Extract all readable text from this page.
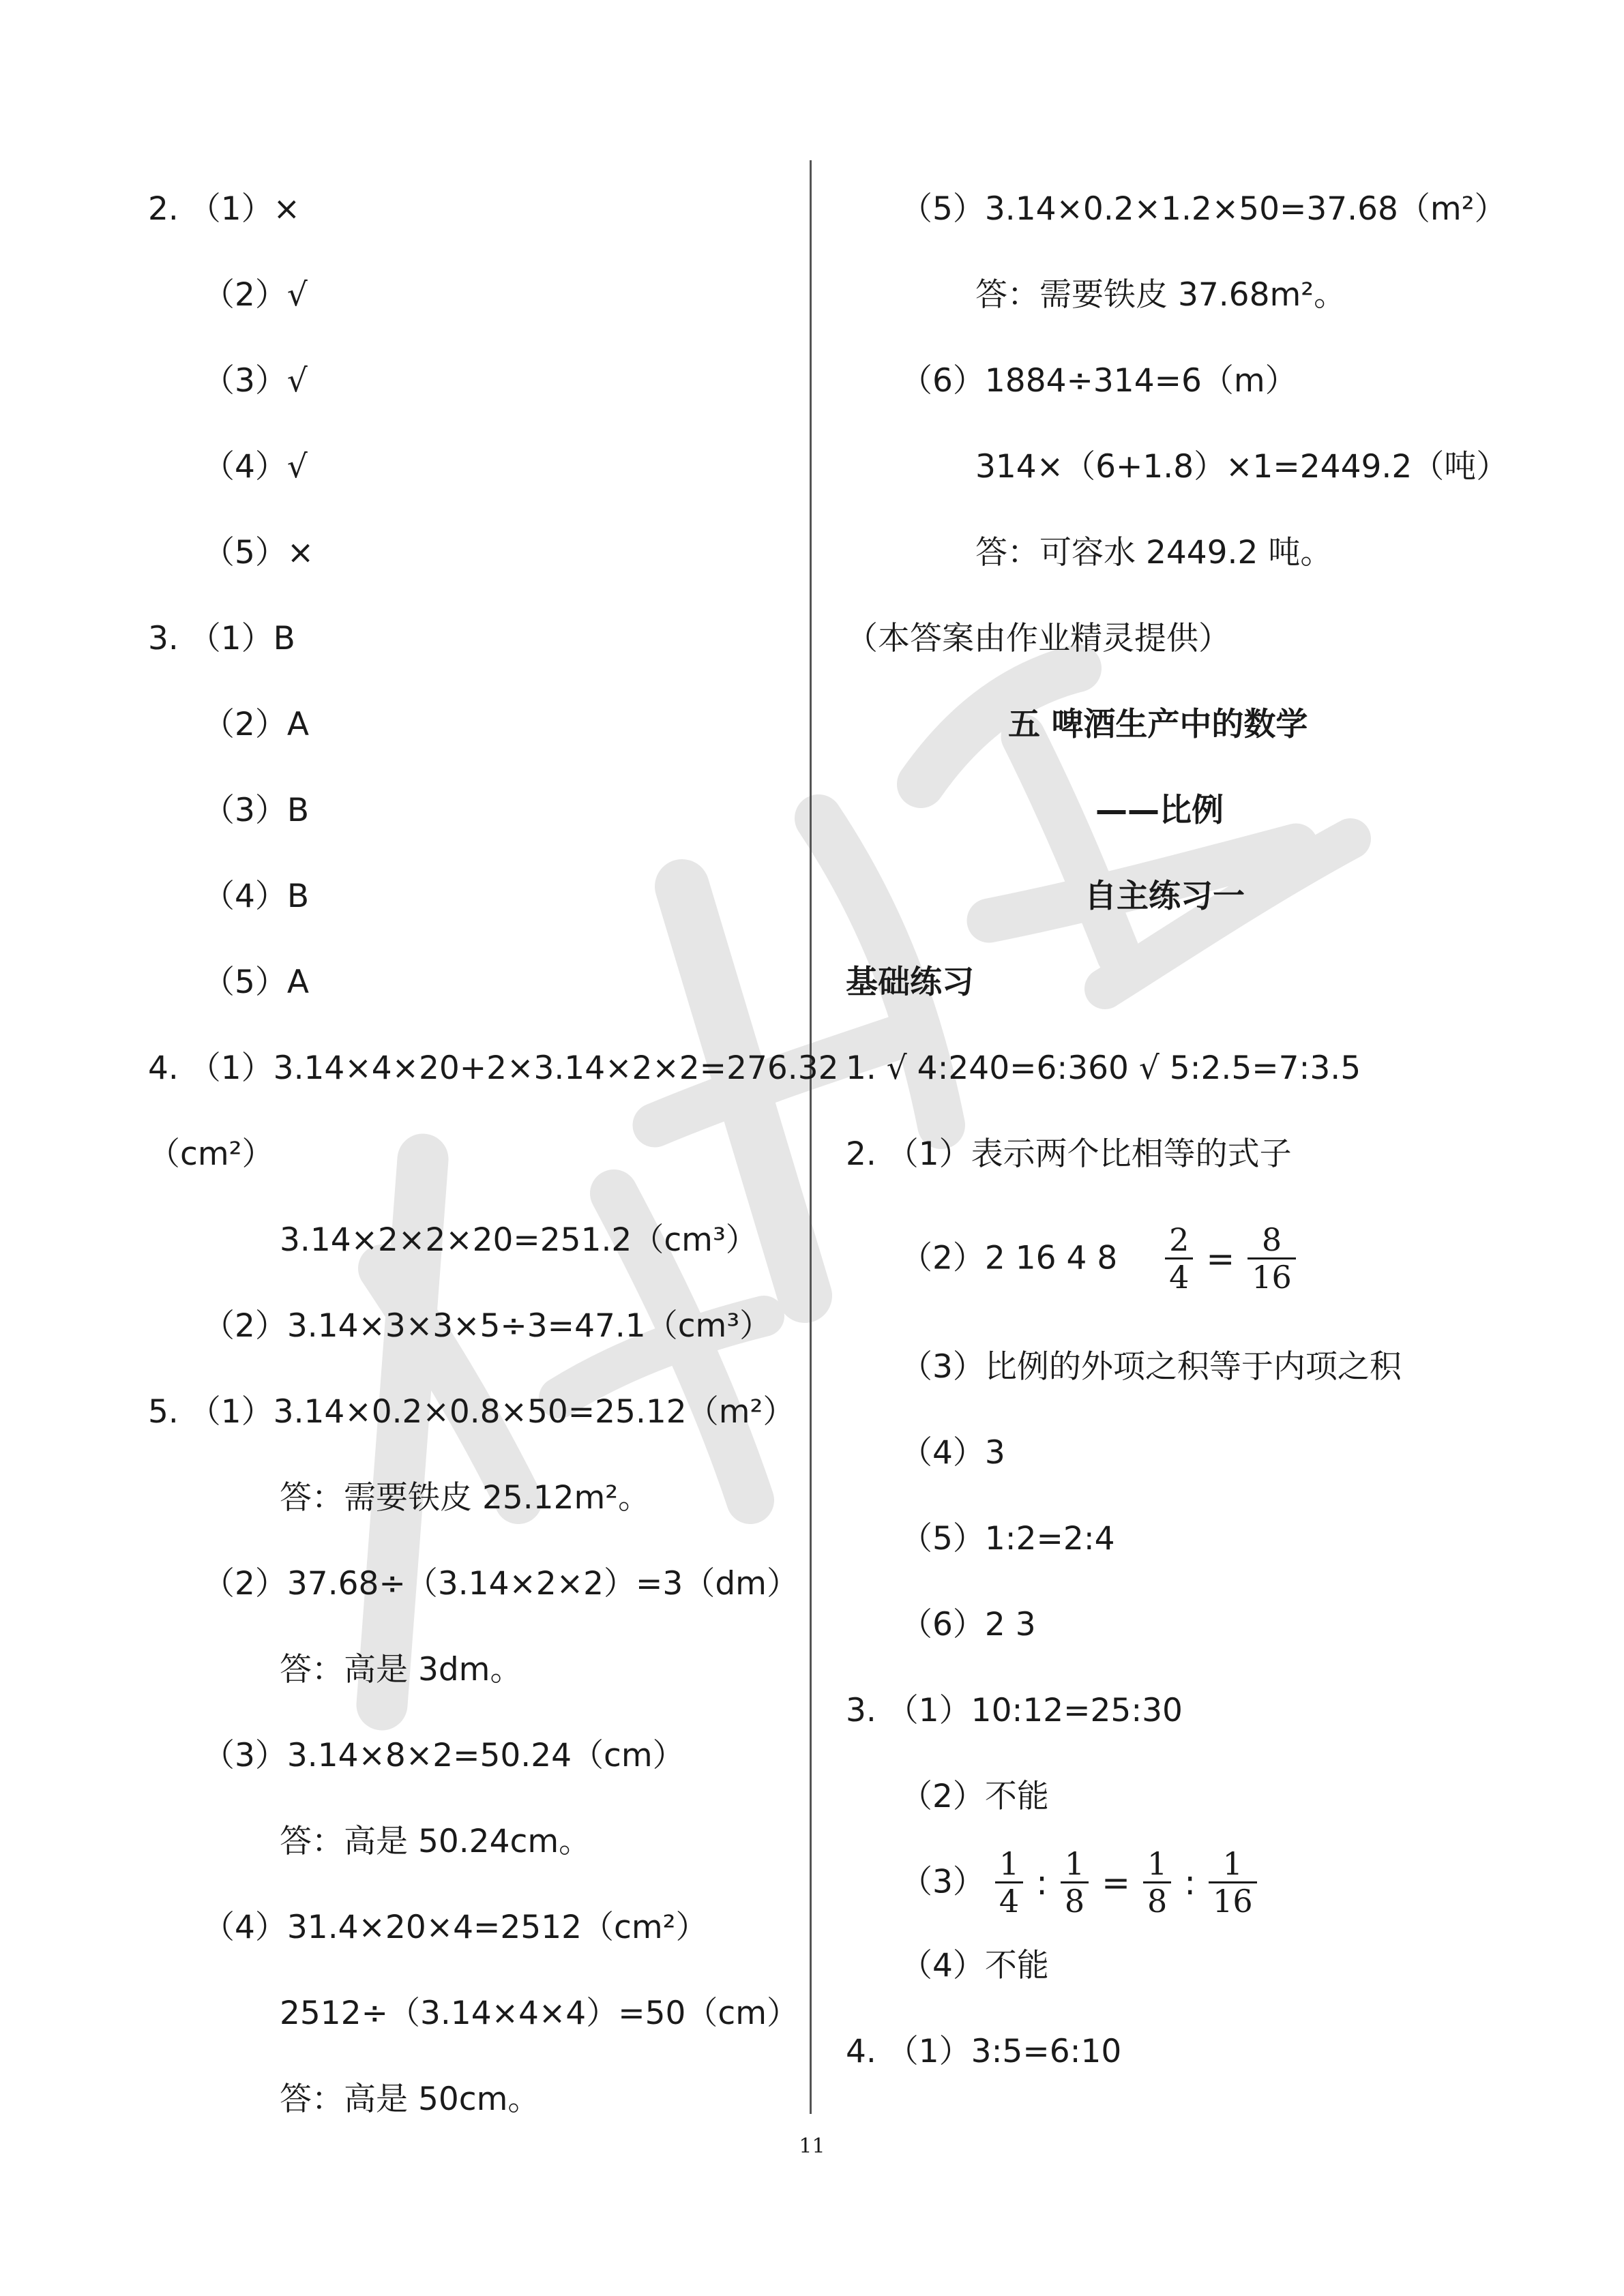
2. （1）×
（2）√
（3）√
（4）√
（5）×
3. （1）B
（2）A
（3）B
（4）B
（5）A
4. （1）3.14×4×20+2×3.14×2×2=276.32
（cm²）
3.14×2×2×20=251.2（cm³）
（2）3.14×3×3×5÷3=47.1（cm³）
5. （1）3.14×0.2×0.8×50=25.12（m²）
答：需要铁皮 25.12m²。
（2）37.68÷（3.14×2×2）=3（dm）
答：高是 3dm。
（3）3.14×8×2=50.24（cm）
答：高是 50.24cm。
（4）31.4×20×4=2512（cm²）
2512÷（3.14×4×4）=50（cm）
答：高是 50cm。
（5）3.14×0.2×1.2×50=37.68（m²）
答：需要铁皮 37.68m²。
（6）1884÷314=6（m）
314×（6+1.8）×1=2449.2（吨）
答：可容水 2449.2 吨。
（本答案由作业精灵提供）
五 啤酒生产中的数学
——比例
自主练习一
基础练习
1. √ 4:240=6:360 √ 5:2.5=7:3.5
2. （1）表示两个比相等的式子
（2）2 16 4 $8 \frac{2}{4} = \frac{8}{16}$
（3）比例的外项之积等于内项之积
（4）3
（5）1:2=2:4
（6）2 3
3. （1）10:12=25:30
（2）不能
$(3) \frac{1}{4}$ : $\frac{1}{8} = \frac{1}{8}$ : $\frac{1}{16}$
（4）不能
4. （1）3:5=6:10
11
